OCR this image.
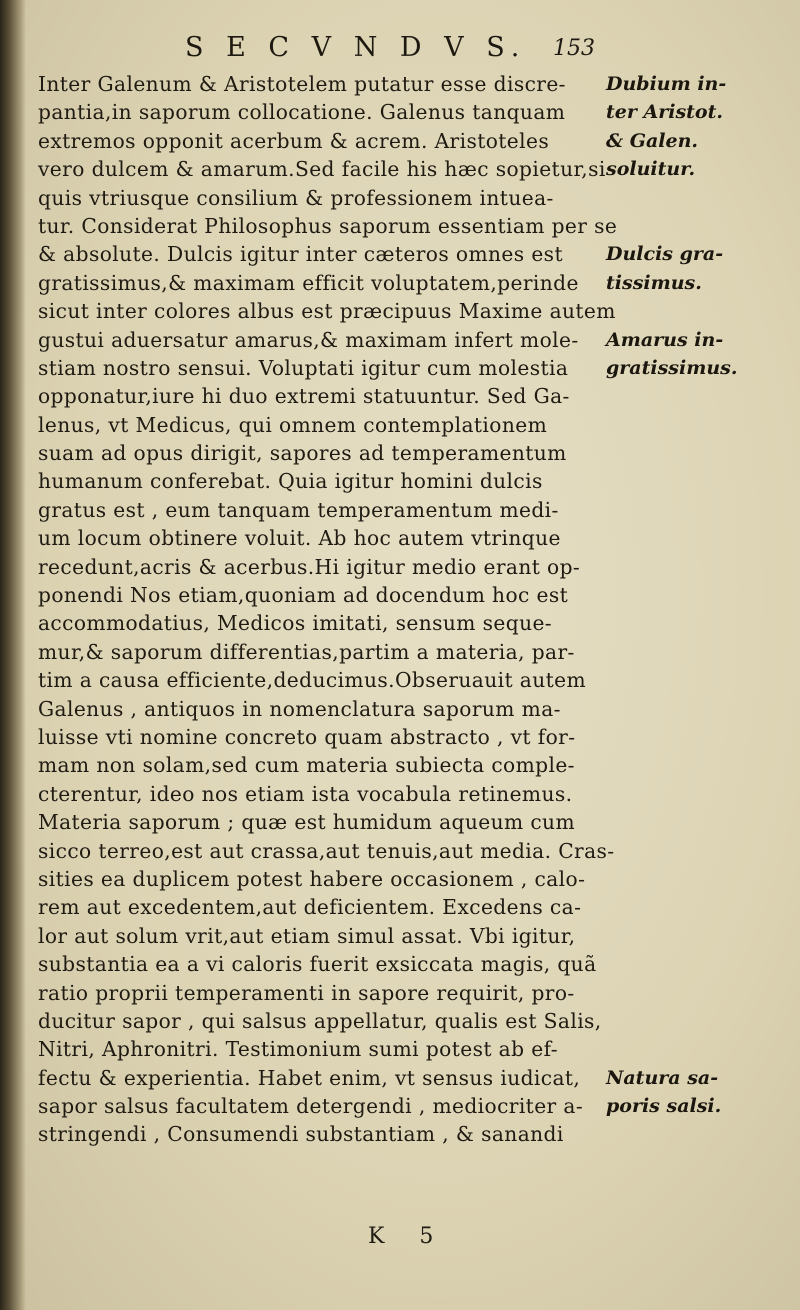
S E C V N D V S. 153
Inter Galenum & Aristotelem putatur esse discre-
pantia,in saporum collocatione. Galenus tanquam
extremos opponit acerbum & acrem. Aristoteles
vero dulcem & amarum.Sed facile his hæc sopietur,si
quis vtriusque consilium & professionem intuea-
tur. Considerat Philosophus saporum essentiam per se
& absolute. Dulcis igitur inter cæteros omnes est
gratissimus,& maximam efficit voluptatem,perinde
sicut inter colores albus est præcipuus Maxime autem
gustui aduersatur amarus,& maximam infert mole-
stiam nostro sensui. Voluptati igitur cum molestia
opponatur,iure hi duo extremi statuuntur. Sed Ga-
lenus, vt Medicus, qui omnem contemplationem
suam ad opus dirigit, sapores ad temperamentum
humanum conferebat. Quia igitur homini dulcis
gratus est , eum tanquam temperamentum medi-
um locum obtinere voluit. Ab hoc autem vtrinque
recedunt,acris & acerbus.Hi igitur medio erant op-
ponendi Nos etiam,quoniam ad docendum hoc est
accommodatius, Medicos imitati, sensum seque-
mur,& saporum differentias,partim a materia, par-
tim a causa efficiente,deducimus.Obseruauit autem
Galenus , antiquos in nomenclatura saporum ma-
luisse vti nomine concreto quam abstracto , vt for-
mam non solam,sed cum materia subiecta comple-
cterentur, ideo nos etiam ista vocabula retinemus.
Materia saporum ; quæ est humidum aqueum cum
sicco terreo,est aut crassa,aut tenuis,aut media. Cras-
sities ea duplicem potest habere occasionem , calo-
rem aut excedentem,aut deficientem. Excedens ca-
lor aut solum vrit,aut etiam simul assat. Vbi igitur,
substantia ea a vi caloris fuerit exsiccata magis, quã
ratio proprii temperamenti in sapore requirit, pro-
ducitur sapor , qui salsus appellatur, qualis est Salis,
Nitri, Aphronitri. Testimonium sumi potest ab ef-
fectu & experientia. Habet enim, vt sensus iudicat,
sapor salsus facultatem detergendi , mediocriter a-
stringendi , Consumendi substantiam , & sanandi
Dubium in-
ter Aristot.
& Galen.
soluitur.
Dulcis gra-
tissimus.
Amarus in-
gratissimus.
Natura sa-
poris salsi.
K 5
